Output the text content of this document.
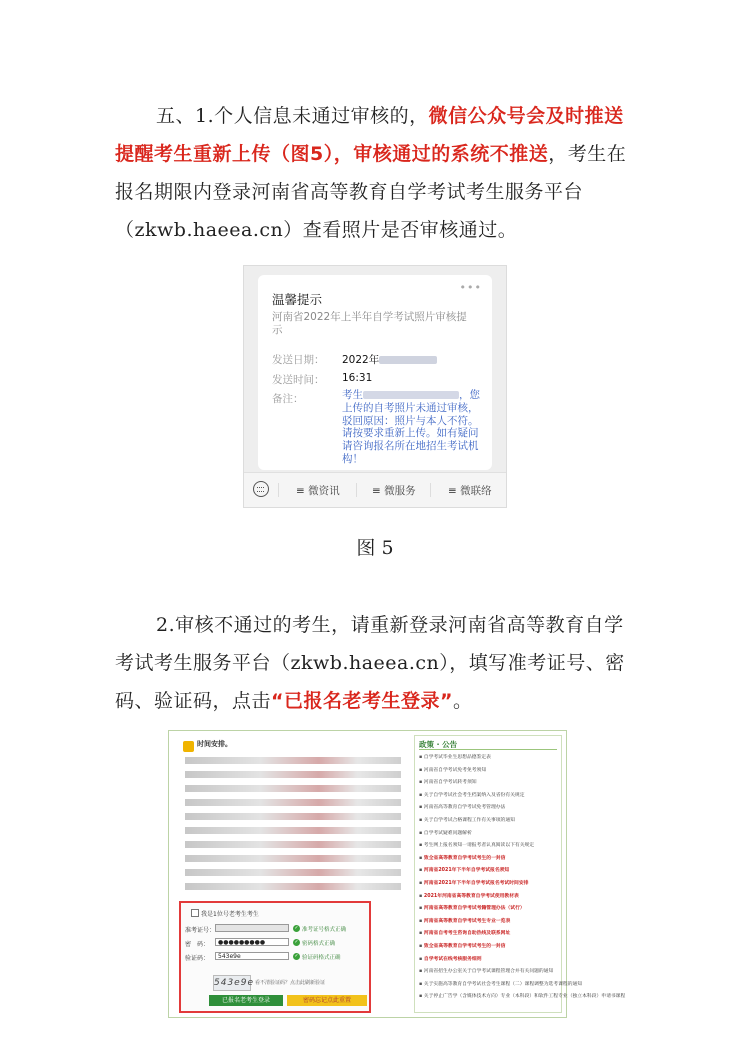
五、1.个人信息未通过审核的，微信公众号会及时推送提醒考生重新上传（图5），审核通过的系统不推送，考生在报名期限内登录河南省高等教育自学考试考生服务平台（zkwb.haeea.cn）查看照片是否审核通过。
•••
温馨提示
河南省2022年上半年自学考试照片审核提示
发送日期： 2022年
发送时间： 16:31
备注：	考生	，您
上传的自考照片未通过审核，驳回原因：照片与本人不符。请按要求重新上传。如有疑问请咨询报名所在地招生考试机构！
≡ 微资讯	≡ 微服务	≡ 微联络
图 5
2.审核不通过的考生，请重新登录河南省高等教育自学考试考生服务平台（zkwb.haeea.cn），填写准考证号、密码、验证码，点击“已报名老考生登录”。
时间安排。
我是1位号老考生考生
准考证号：	✓ 准考证号格式正确
密　码：	●●●●●●●●●	✓ 密码格式正确
验证码：	543e9e	✓ 验证码格式正确
543e9e 看不清验证码？点击此刷新验证
已报名老考生登录	密码忘记点此重置
政策 · 公告
▪ 自学考试毕业生思想品德鉴定表
▪ 河南省自学考试免考免考须知
▪ 河南省自学考试转考须知
▪ 关于自学考试社会考生档案纳入及省份有关规定
▪ 河南省高等教育自学考试免考管理办法
▪ 关于自学考试合格课程工作有关事项的通知
▪ 自学考试疑难问题解析
▪ 考生网上报名须知一请报考者认真阅读以下有关规定
▪ 致全省高等教育自学考试考生的一封信
▪ 河南省2021年下半年自学考试报名须知
▪ 河南省2021年下半年自学考试报名考试时间安排
▪ 2021年河南省高等教育自学考试使用教材表
▪ 河南省高等教育自学考试考籍管理办法（试行）
▪ 河南省高等教育自学考试考生专业一览表
▪ 河南省自考考生咨询自助热线及联系网址
▪ 致全省高等教育自学考试考生的一封信
▪ 自学考试在线考核服务细则
▪ 河南省招生办公室关于自学考试课程管理合并有关问题的通知
▪ 关于实施高等教育自学考试社会考生课程（二）课程调整为选考课程的通知
▪ 关于停止广告学（含媒体技术方向）专业（本科段）和软件工程专业（独立本科段）申请书课程
